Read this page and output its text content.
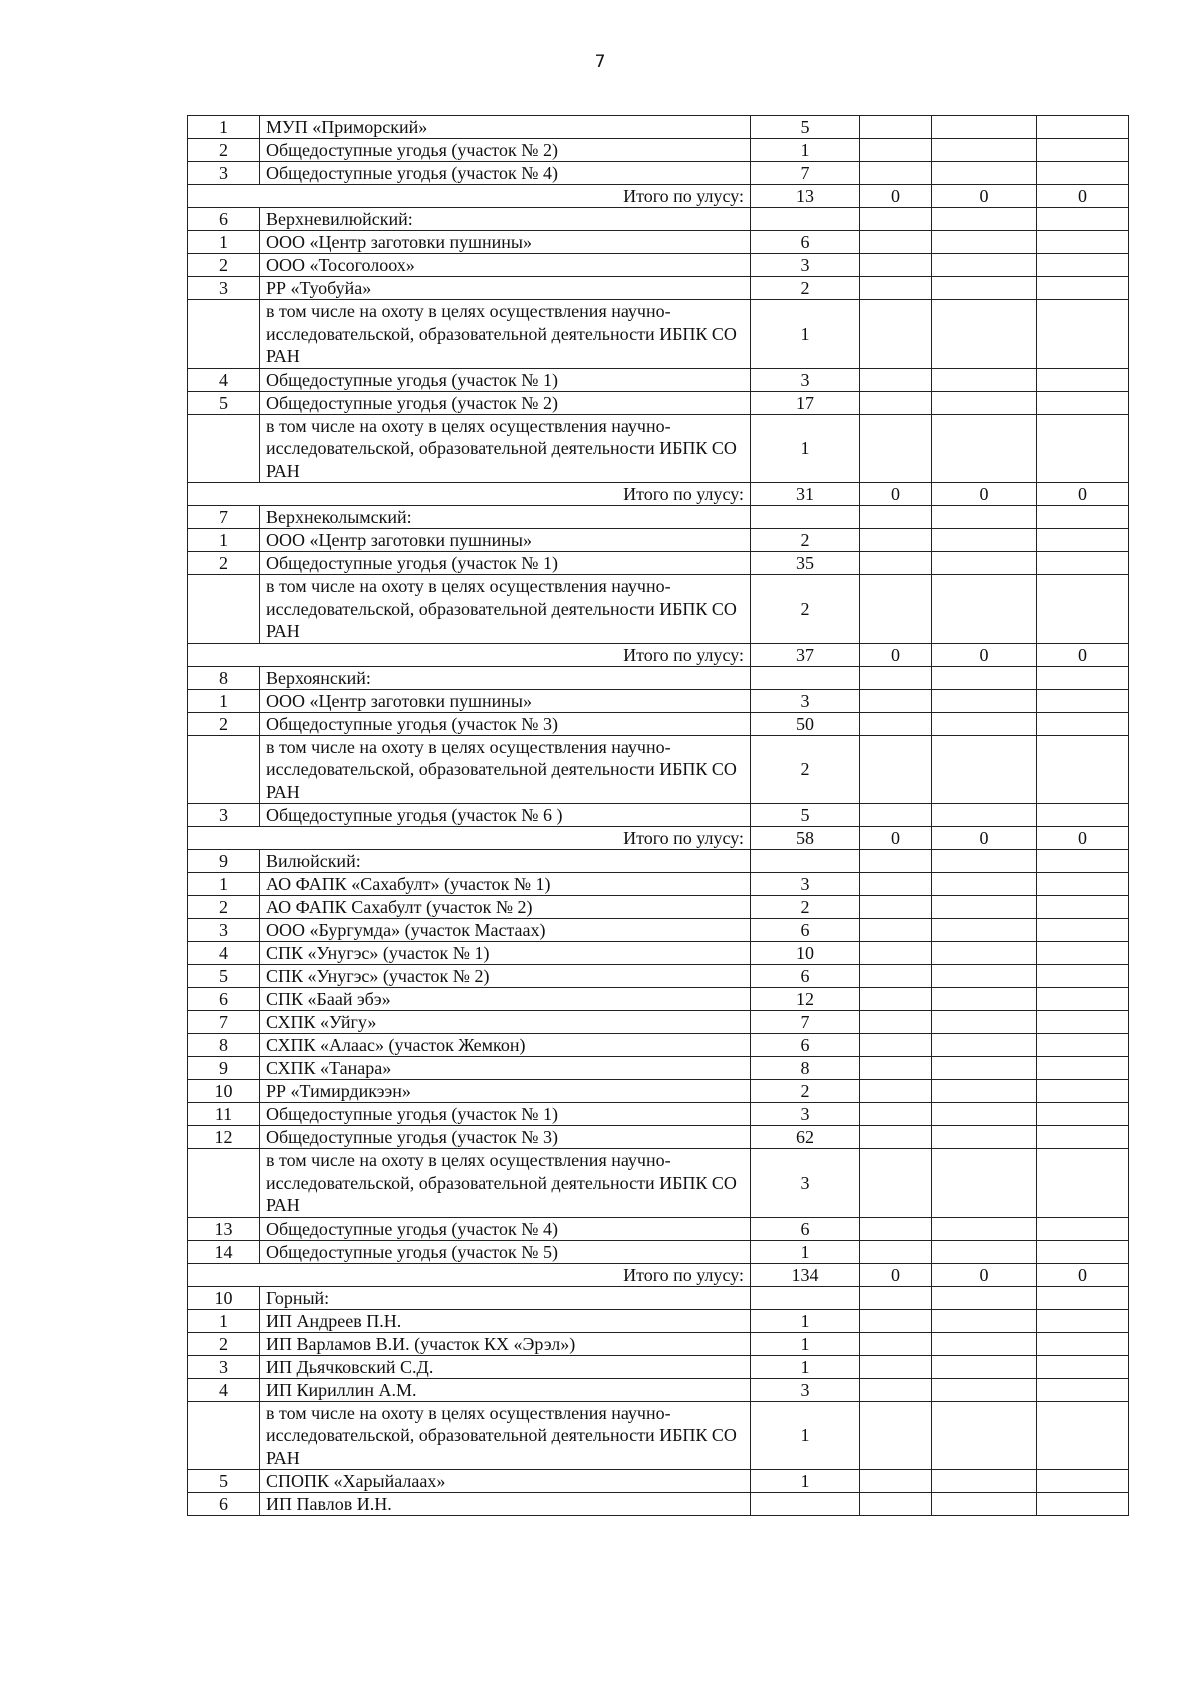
7
1	МУП «Приморский»	5			
2	Общедоступные угодья (участок № 2)	1			
3	Общедоступные угодья (участок № 4)	7			
Итого по улусу:		13	0	0	0
6	Верхневилюйский:				
1	ООО «Центр заготовки пушнины»	6			
2	ООО «Тосоголоох»	3			
3	РР «Туобуйа»	2			
	в том числе на охоту в целях осуществления научно-исследовательской, образовательной деятельности ИБПК СО РАН	1			
4	Общедоступные угодья (участок № 1)	3			
5	Общедоступные угодья (участок № 2)	17			
	в том числе на охоту в целях осуществления научно-исследовательской, образовательной деятельности ИБПК СО РАН	1			
Итого по улусу:		31	0	0	0
7	Верхнеколымский:				
1	ООО «Центр заготовки пушнины»	2			
2	Общедоступные угодья (участок № 1)	35			
	в том числе на охоту в целях осуществления научно-исследовательской, образовательной деятельности ИБПК СО РАН	2			
Итого по улусу:		37	0	0	0
8	Верхоянский:				
1	ООО «Центр заготовки пушнины»	3			
2	Общедоступные угодья (участок № 3)	50			
	в том числе на охоту в целях осуществления научно-исследовательской, образовательной деятельности ИБПК СО РАН	2			
3	Общедоступные угодья (участок № 6 )	5			
Итого по улусу:		58	0	0	0
9	Вилюйский:				
1	АО ФАПК «Сахабулт» (участок № 1)	3			
2	АО ФАПК Сахабулт (участок № 2)	2			
3	ООО «Бургумда» (участок Мастаах)	6			
4	СПК «Унугэс» (участок № 1)	10			
5	СПК «Унугэс» (участок № 2)	6			
6	СПК «Баай эбэ»	12			
7	СХПК «Уйгу»	7			
8	СХПК «Алаас» (участок Жемкон)	6			
9	СХПК «Танара»	8			
10	РР «Тимирдикээн»	2			
11	Общедоступные угодья (участок № 1)	3			
12	Общедоступные угодья (участок № 3)	62			
	в том числе на охоту в целях осуществления научно-исследовательской, образовательной деятельности ИБПК СО РАН	3			
13	Общедоступные угодья (участок № 4)	6			
14	Общедоступные угодья (участок № 5)	1			
Итого по улусу:		134	0	0	0
10	Горный:				
1	ИП Андреев П.Н.	1			
2	ИП Варламов В.И. (участок КХ «Эрэл»)	1			
3	ИП Дьячковский С.Д.	1			
4	ИП Кириллин А.М.	3			
	в том числе на охоту в целях осуществления научно-исследовательской, образовательной деятельности ИБПК СО РАН	1			
5	СПОПК «Харыйалаах»	1			
6	ИП Павлов И.Н.				
